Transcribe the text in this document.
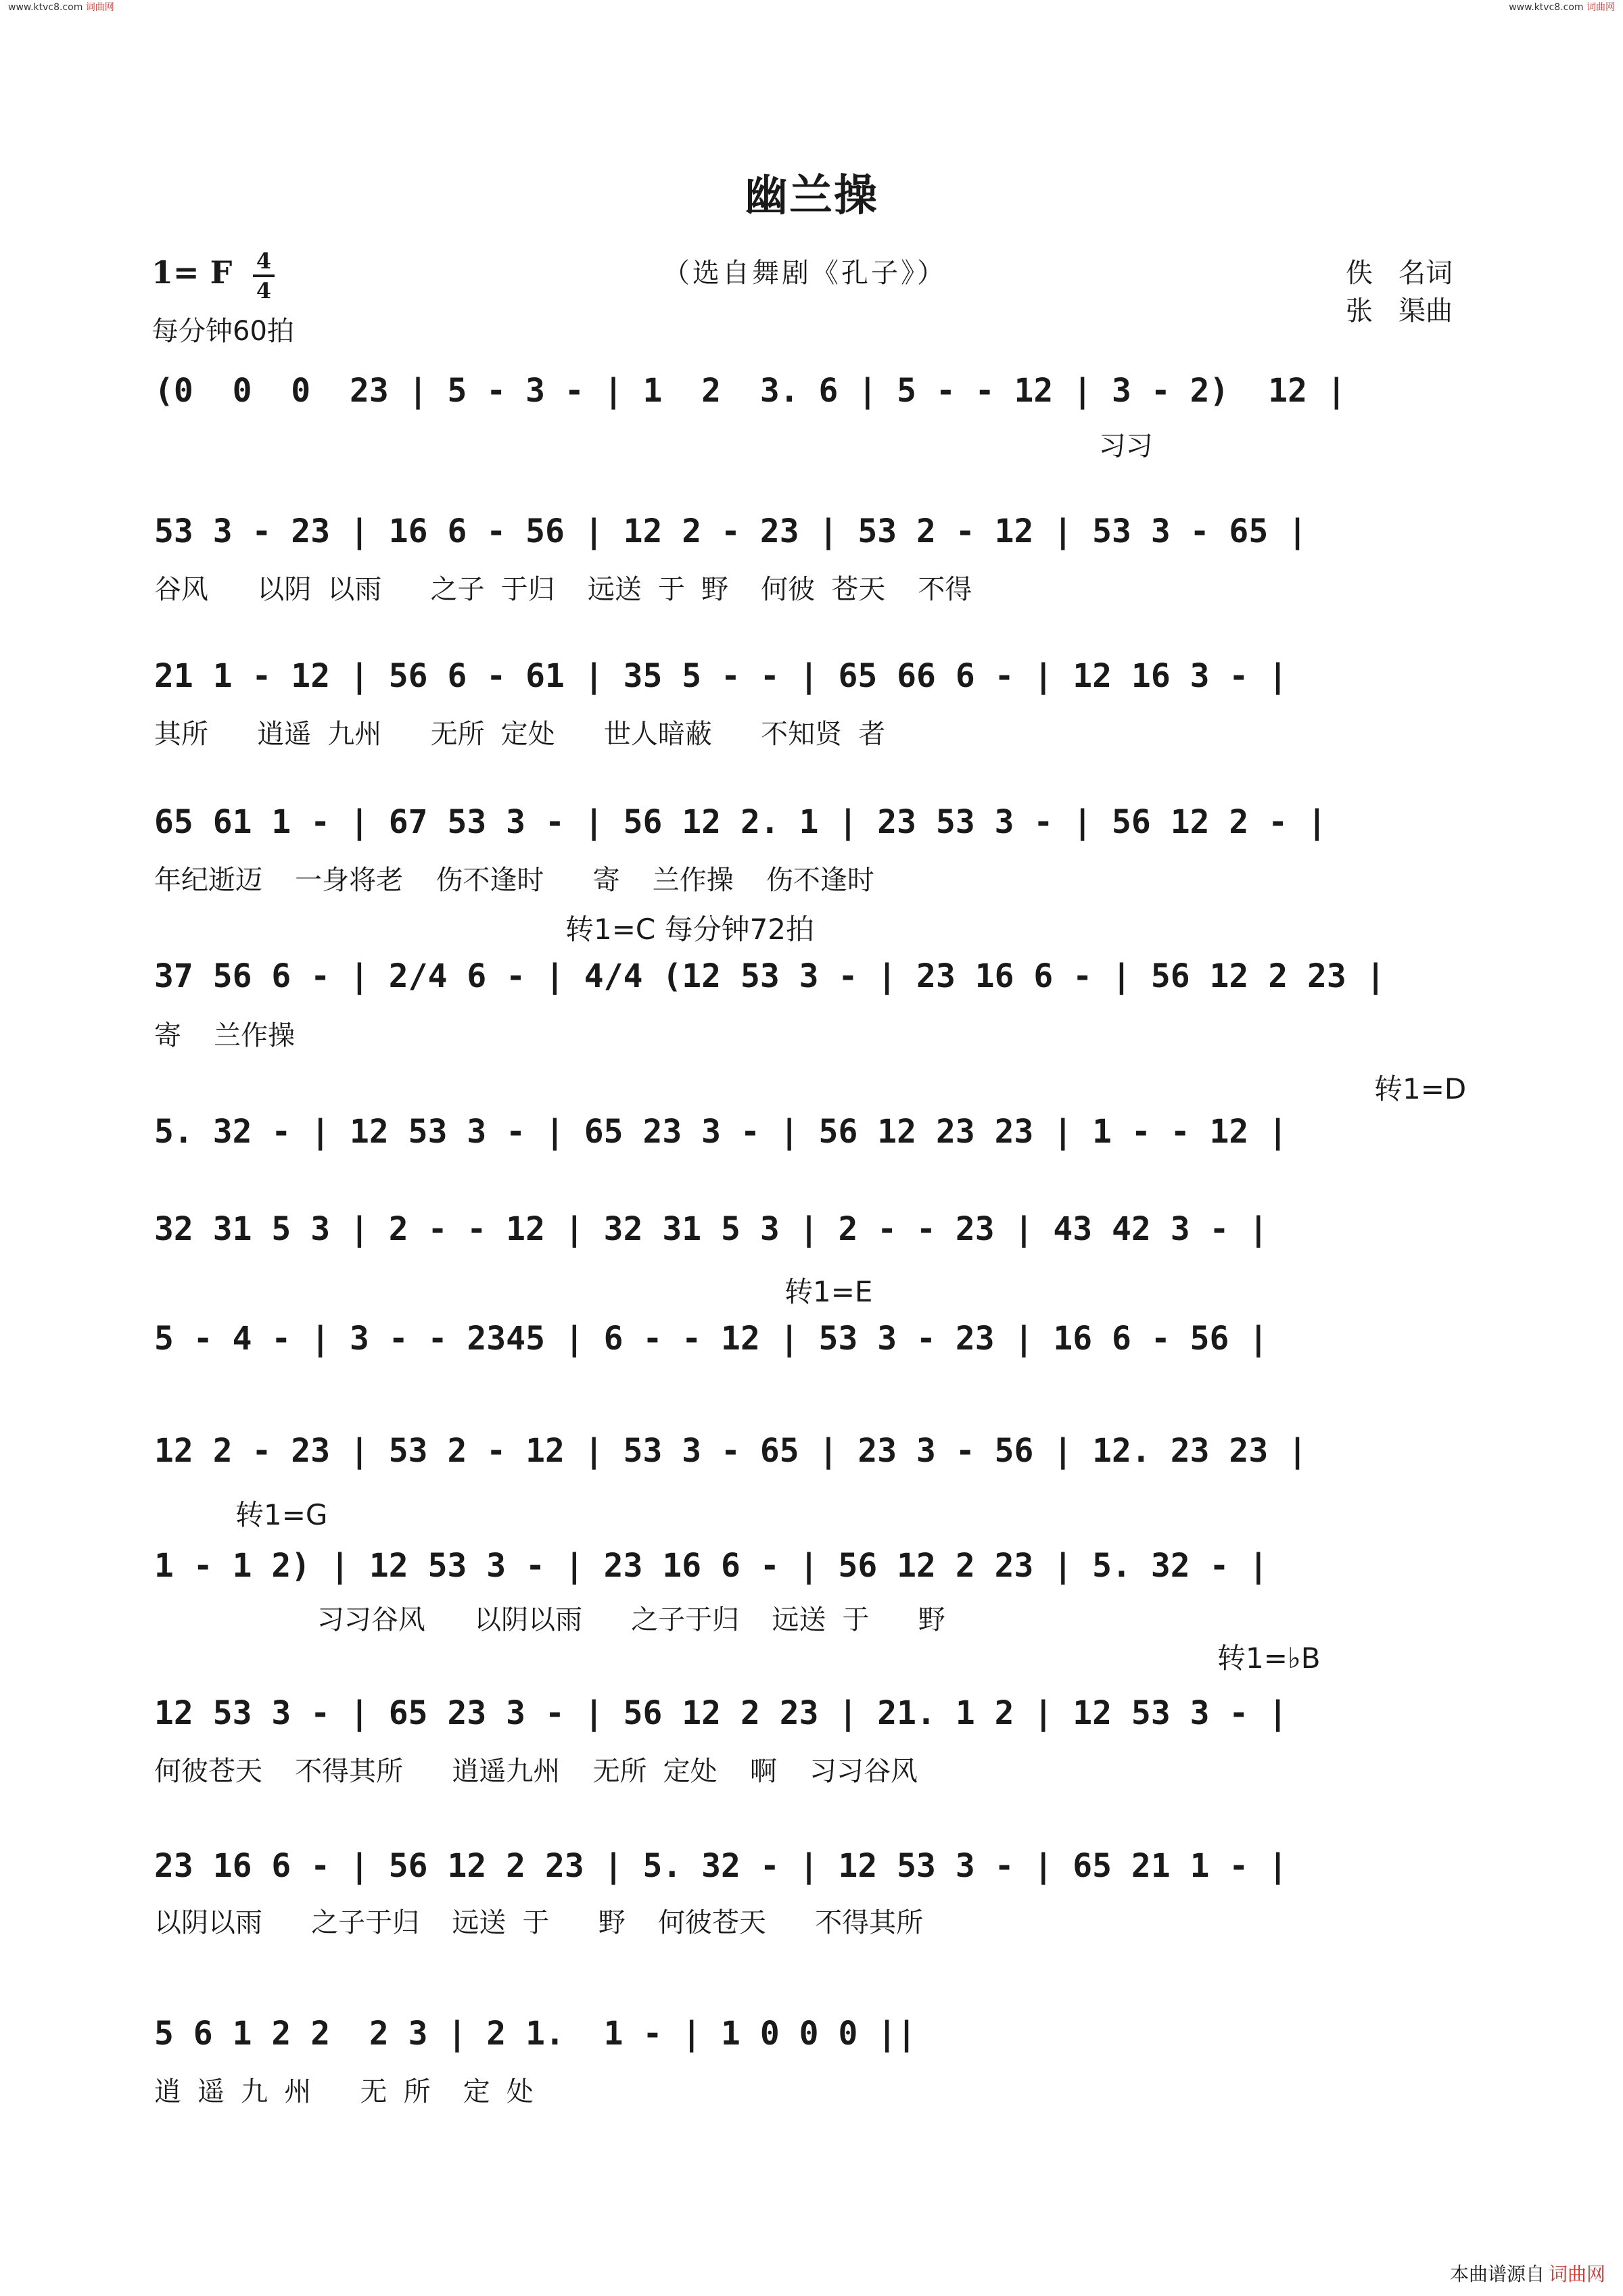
www.ktvc8.com 词曲网	www.ktvc8.com 词曲网
幽兰操
1= F 4
4
（选自舞剧《孔子》）	佚   名词
张   渠曲
每分钟60拍
转1=C 每分钟72拍
转1=D
转1=E
转1=G
转1=♭B
(0  0  0  23 | 5 - 3 - | 1  2  3. 6 | 5 - - 12 | 3 - 2)  12 |
习习
53 3 - 23 | 16 6 - 56 | 12 2 - 23 | 53 2 - 12 | 53 3 - 65 |
谷风   以阴 以雨   之子 于归  远送 于 野  何彼 苍天  不得
21 1 - 12 | 56 6 - 61 | 35 5 - - | 65 66 6 - | 12 16 3 - |
其所   逍遥 九州   无所 定处   世人暗蔽   不知贤 者
65 61 1 - | 67 53 3 - | 56 12 2. 1 | 23 53 3 - | 56 12 2 - |
年纪逝迈  一身将老  伤不逢时   寄  兰作操  伤不逢时
37 56 6 - | 2/4 6 - | 4/4 (12 53 3 - | 23 16 6 - | 56 12 2 23 |
寄  兰作操
5. 32 - | 12 53 3 - | 65 23 3 - | 56 12 23 23 | 1 - - 12 |
32 31 5 3 | 2 - - 12 | 32 31 5 3 | 2 - - 23 | 43 42 3 - |
5 - 4 - | 3 - - 2345 | 6 - - 12 | 53 3 - 23 | 16 6 - 56 |
12 2 - 23 | 53 2 - 12 | 53 3 - 65 | 23 3 - 56 | 12. 23 23 |
1 - 1 2) | 12 53 3 - | 23 16 6 - | 56 12 2 23 | 5. 32 - |
习习谷风   以阴以雨   之子于归  远送 于   野
12 53 3 - | 65 23 3 - | 56 12 2 23 | 21. 1 2 | 12 53 3 - |
何彼苍天  不得其所   逍遥九州  无所 定处  啊  习习谷风
23 16 6 - | 56 12 2 23 | 5. 32 - | 12 53 3 - | 65 21 1 - |
以阴以雨   之子于归  远送 于   野  何彼苍天   不得其所
5 6 1 2 2  2 3 | 2 1.  1 - | 1 0 0 0 ||
逍 遥 九 州   无 所  定 处
本曲谱源自 词曲网
